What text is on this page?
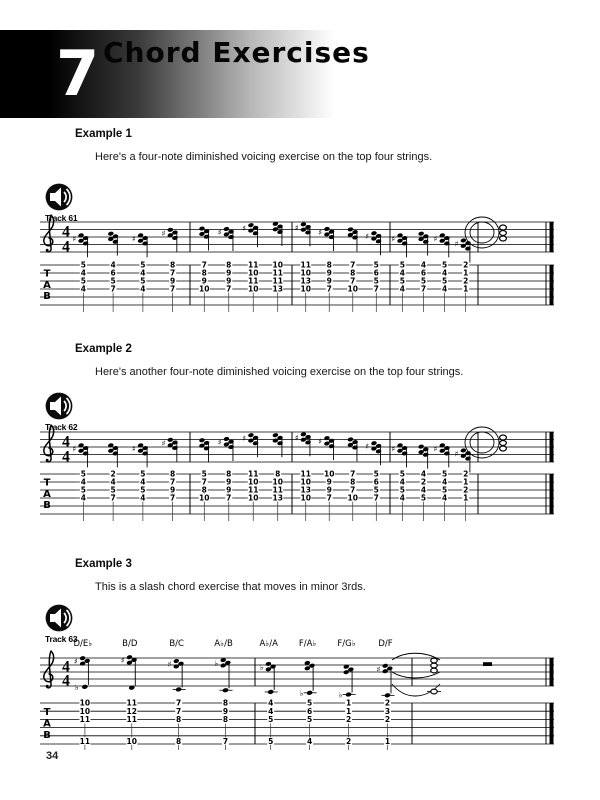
7 Chord Exercises
Example 1

Here's a four-note diminished voicing exercise on the top four strings.

Track 61
Example 2

Here's another four-note diminished voicing exercise on the top four strings.

Track 62
Example 3

This is a slash chord exercise that moves in minor 3rds.

Track 63
4
4
T
A
B
♯
5
4
5
4
4
6
5
7
♯
5
4
5
4
♯
8
7
9
7
7
8
9
10
♯
8
9
9
7
♯
11
10
11
10
10
11
11
13
♯
11
10
13
10
♯
8
9
9
7
7
8
7
10
♯
5
6
5
7
♯
5
4
5
4
4
6
5
7
♯
5
4
5
4
♯
2
1
2
1
4
4
T
A
B
♯
5
4
5
4
2
4
5
7
♯
5
4
5
4
♯
8
7
9
7
5
7
8
10
♯
8
9
9
7
♯
11
10
11
10
8
10
11
13
♯
11
10
13
10
♯
10
9
9
7
7
8
7
10
♯
5
6
5
7
♯
5
4
5
4
4
2
4
5
♯
5
4
5
4
♯
2
1
2
1
4
4
T
A
B
D/E♭
♯
♭
10
10
11
11
B/D
♯
11
12
11
10
B/C
♯
7
7
8
8
A♭/B
♭
8
9
8
7
A♭/A
♭
4
4
5
5
F/A♭
♭
5
6
5
4
F/G♭
♭
1
1
2
2
D/F
♯
2
3
2
1
34
